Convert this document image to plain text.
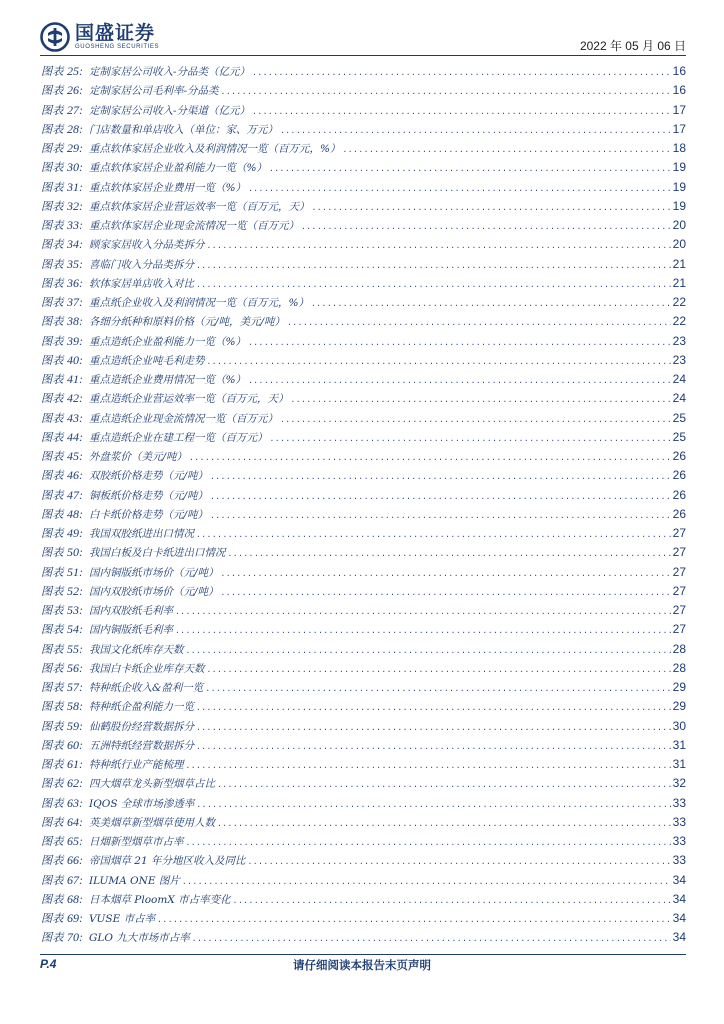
国盛证券
GUOSHENG SECURITIES	2022 年 05 月 06 日
图表 25: 定制家居公司收入-分品类（亿元） .....	16
图表 26: 定制家居公司毛利率-分品类 .....	16
图表 27: 定制家居公司收入-分渠道（亿元） .....	17
图表 28: 门店数量和单店收入（单位：家、万元） .....	17
图表 29: 重点软体家居企业收入及利润情况一览（百万元，%） .....	18
图表 30: 重点软体家居企业盈利能力一览（%） .....	19
图表 31: 重点软体家居企业费用一览（%） .....	19
图表 32: 重点软体家居企业营运效率一览（百万元，天） .....	19
图表 33: 重点软体家居企业现金流情况一览（百万元） .....	20
图表 34: 顾家家居收入分品类拆分 .....	20
图表 35: 喜临门收入分品类拆分 .....	21
图表 36: 软体家居单店收入对比 .....	21
图表 37: 重点纸企业收入及利润情况一览（百万元，%） .....	22
图表 38: 各细分纸种和原料价格（元/吨，美元/吨） .....	22
图表 39: 重点造纸企业盈利能力一览（%） .....	23
图表 40: 重点造纸企业吨毛利走势 .....	23
图表 41: 重点造纸企业费用情况一览（%） .....	24
图表 42: 重点造纸企业营运效率一览（百万元，天） .....	24
图表 43: 重点造纸企业现金流情况一览（百万元） .....	25
图表 44: 重点造纸企业在建工程一览（百万元） .....	25
图表 45: 外盘浆价（美元/吨） .....	26
图表 46: 双胶纸价格走势（元/吨） .....	26
图表 47: 铜板纸价格走势（元/吨） .....	26
图表 48: 白卡纸价格走势（元/吨） .....	26
图表 49: 我国双胶纸进出口情况 .....	27
图表 50: 我国白板及白卡纸进出口情况 .....	27
图表 51: 国内铜版纸市场价（元/吨） .....	27
图表 52: 国内双胶纸市场价（元/吨） .....	27
图表 53: 国内双胶纸毛利率 .....	27
图表 54: 国内铜版纸毛利率 .....	27
图表 55: 我国文化纸库存天数 .....	28
图表 56: 我国白卡纸企业库存天数 .....	28
图表 57: 特种纸企收入&盈利一览 .....	29
图表 58: 特种纸企盈利能力一览 .....	29
图表 59: 仙鹤股份经营数据拆分 .....	30
图表 60: 五洲特纸经营数据拆分 .....	31
图表 61: 特种纸行业产能梳理 .....	31
图表 62: 四大烟草龙头新型烟草占比 .....	32
图表 63: IQOS 全球市场渗透率 .....	33
图表 64: 英美烟草新型烟草使用人数 .....	33
图表 65: 日烟新型烟草市占率 .....	33
图表 66: 帝国烟草 21 年分地区收入及同比 .....	33
图表 67: ILUMA ONE 图片 .....	34
图表 68: 日本烟草 PloomX 市占率变化 .....	34
图表 69: VUSE 市占率 .....	34
图表 70: GLO 九大市场市占率 .....	34
请仔细阅读本报告末页声明
P.4
